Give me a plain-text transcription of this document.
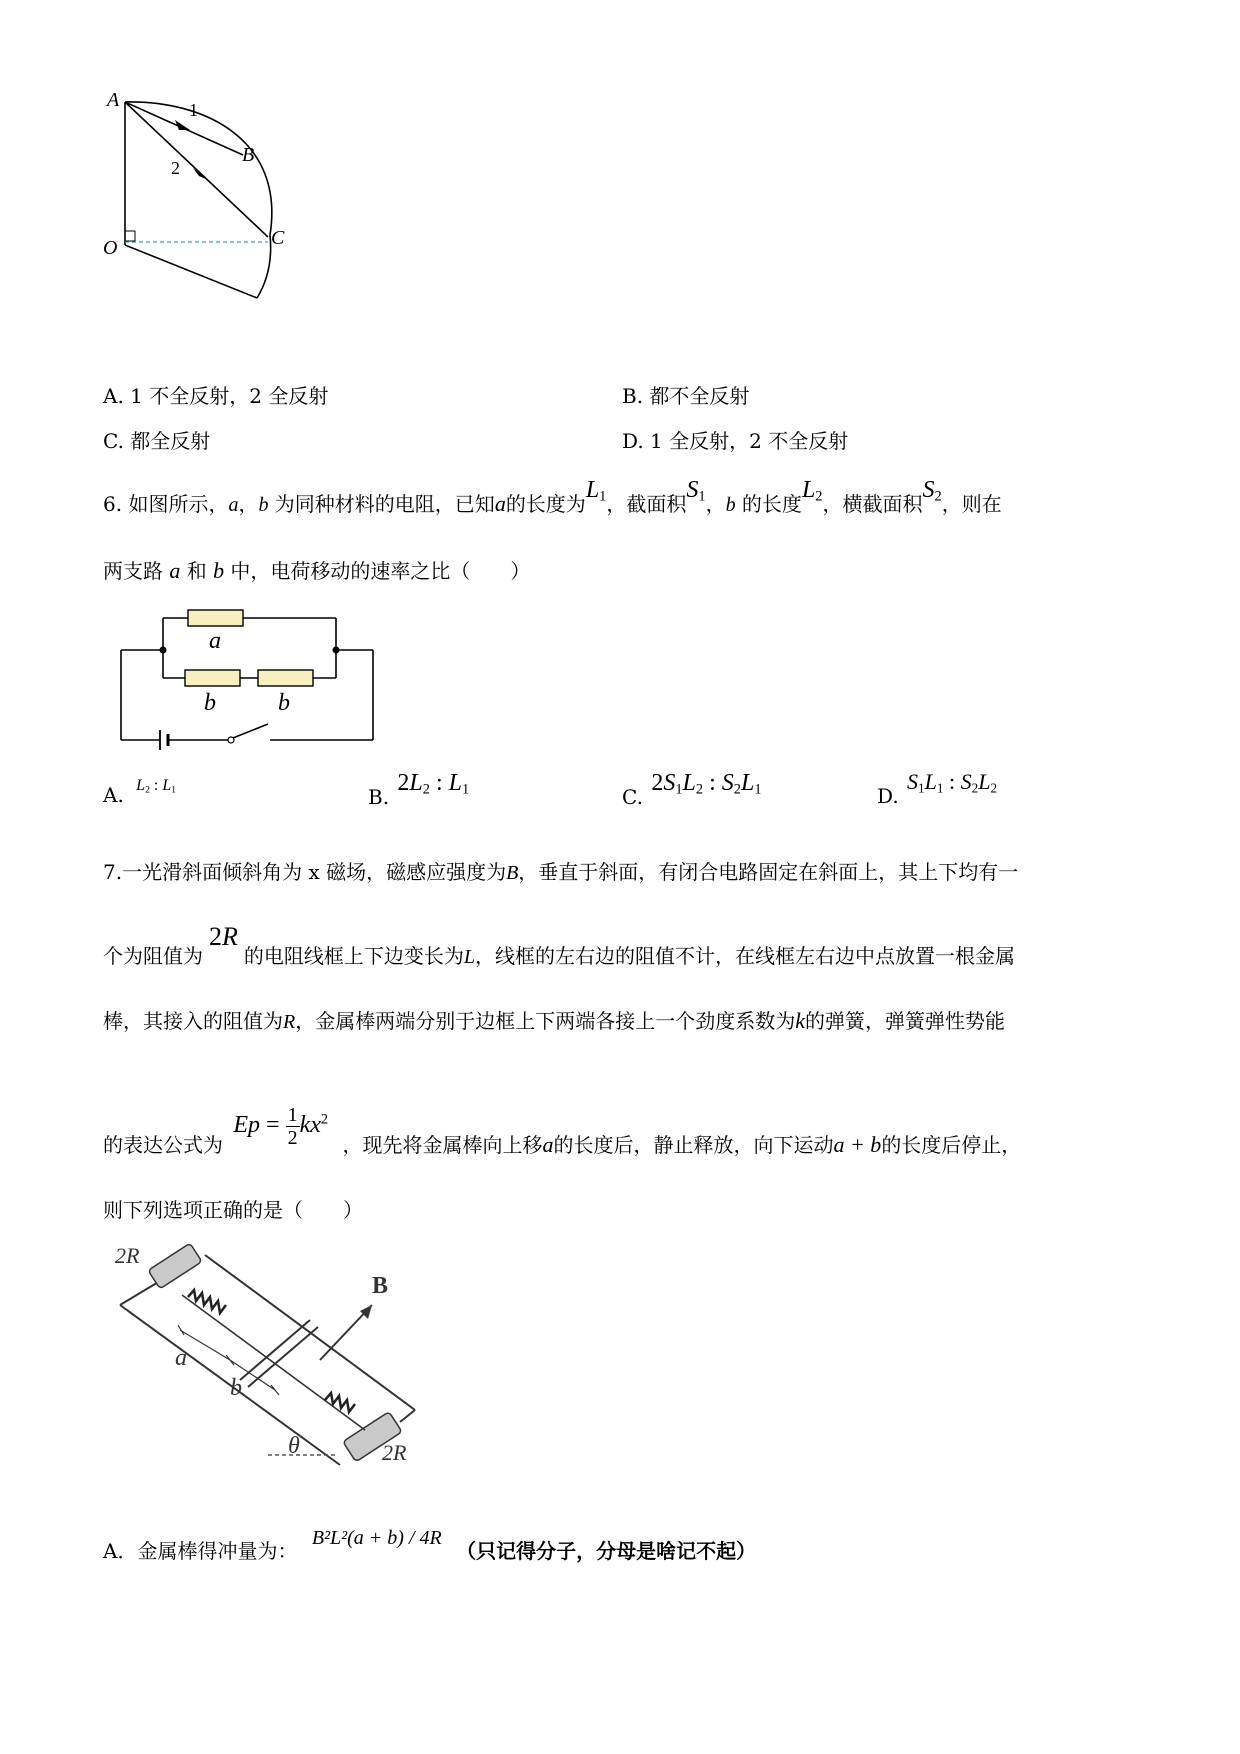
A	1
B
2
C
O
A. 1 不全反射，2 全反射	B. 都不全反射
C. 都全反射	D. 1 全反射，2 不全反射
6. 如图所示，a，b 为同种材料的电阻，已知a的长度为$L_1$，截面积$S_1$，b 的长度$L_2$，横截面积$S_2$，则在
两支路 a 和 b 中，电荷移动的速率之比（　　）
a
b	b
A. $^{L_2 : L_1}$	B. $2L_2$ : $L_1$	C. $2S_1L_2$ : $S_2L_1$	D. $S_1L_1$ : $S_2L_2$
7.一光滑斜面倾斜角为 x 磁场，磁感应强度为B，垂直于斜面，有闭合电路固定在斜面上，其上下均有一
个为阻值为2R的电阻线框上下边变长为L，线框的左右边的阻值不计，在线框左右边中点放置一根金属
棒，其接入的阻值为R，金属棒两端分别于边框上下两端各接上一个劲度系数为k的弹簧，弹簧弹性势能
的表达公式为 $Ep = \frac{1}{2} kx^2$ ，现先将金属棒向上移a的长度后，静止释放，向下运动a + b的长度后停止，
则下列选项正确的是（　　）
2R
B
a
b
θ	2R
A．金属棒得冲量为： B²L²(a + b) / 4R （只记得分子，分母是啥记不起）
